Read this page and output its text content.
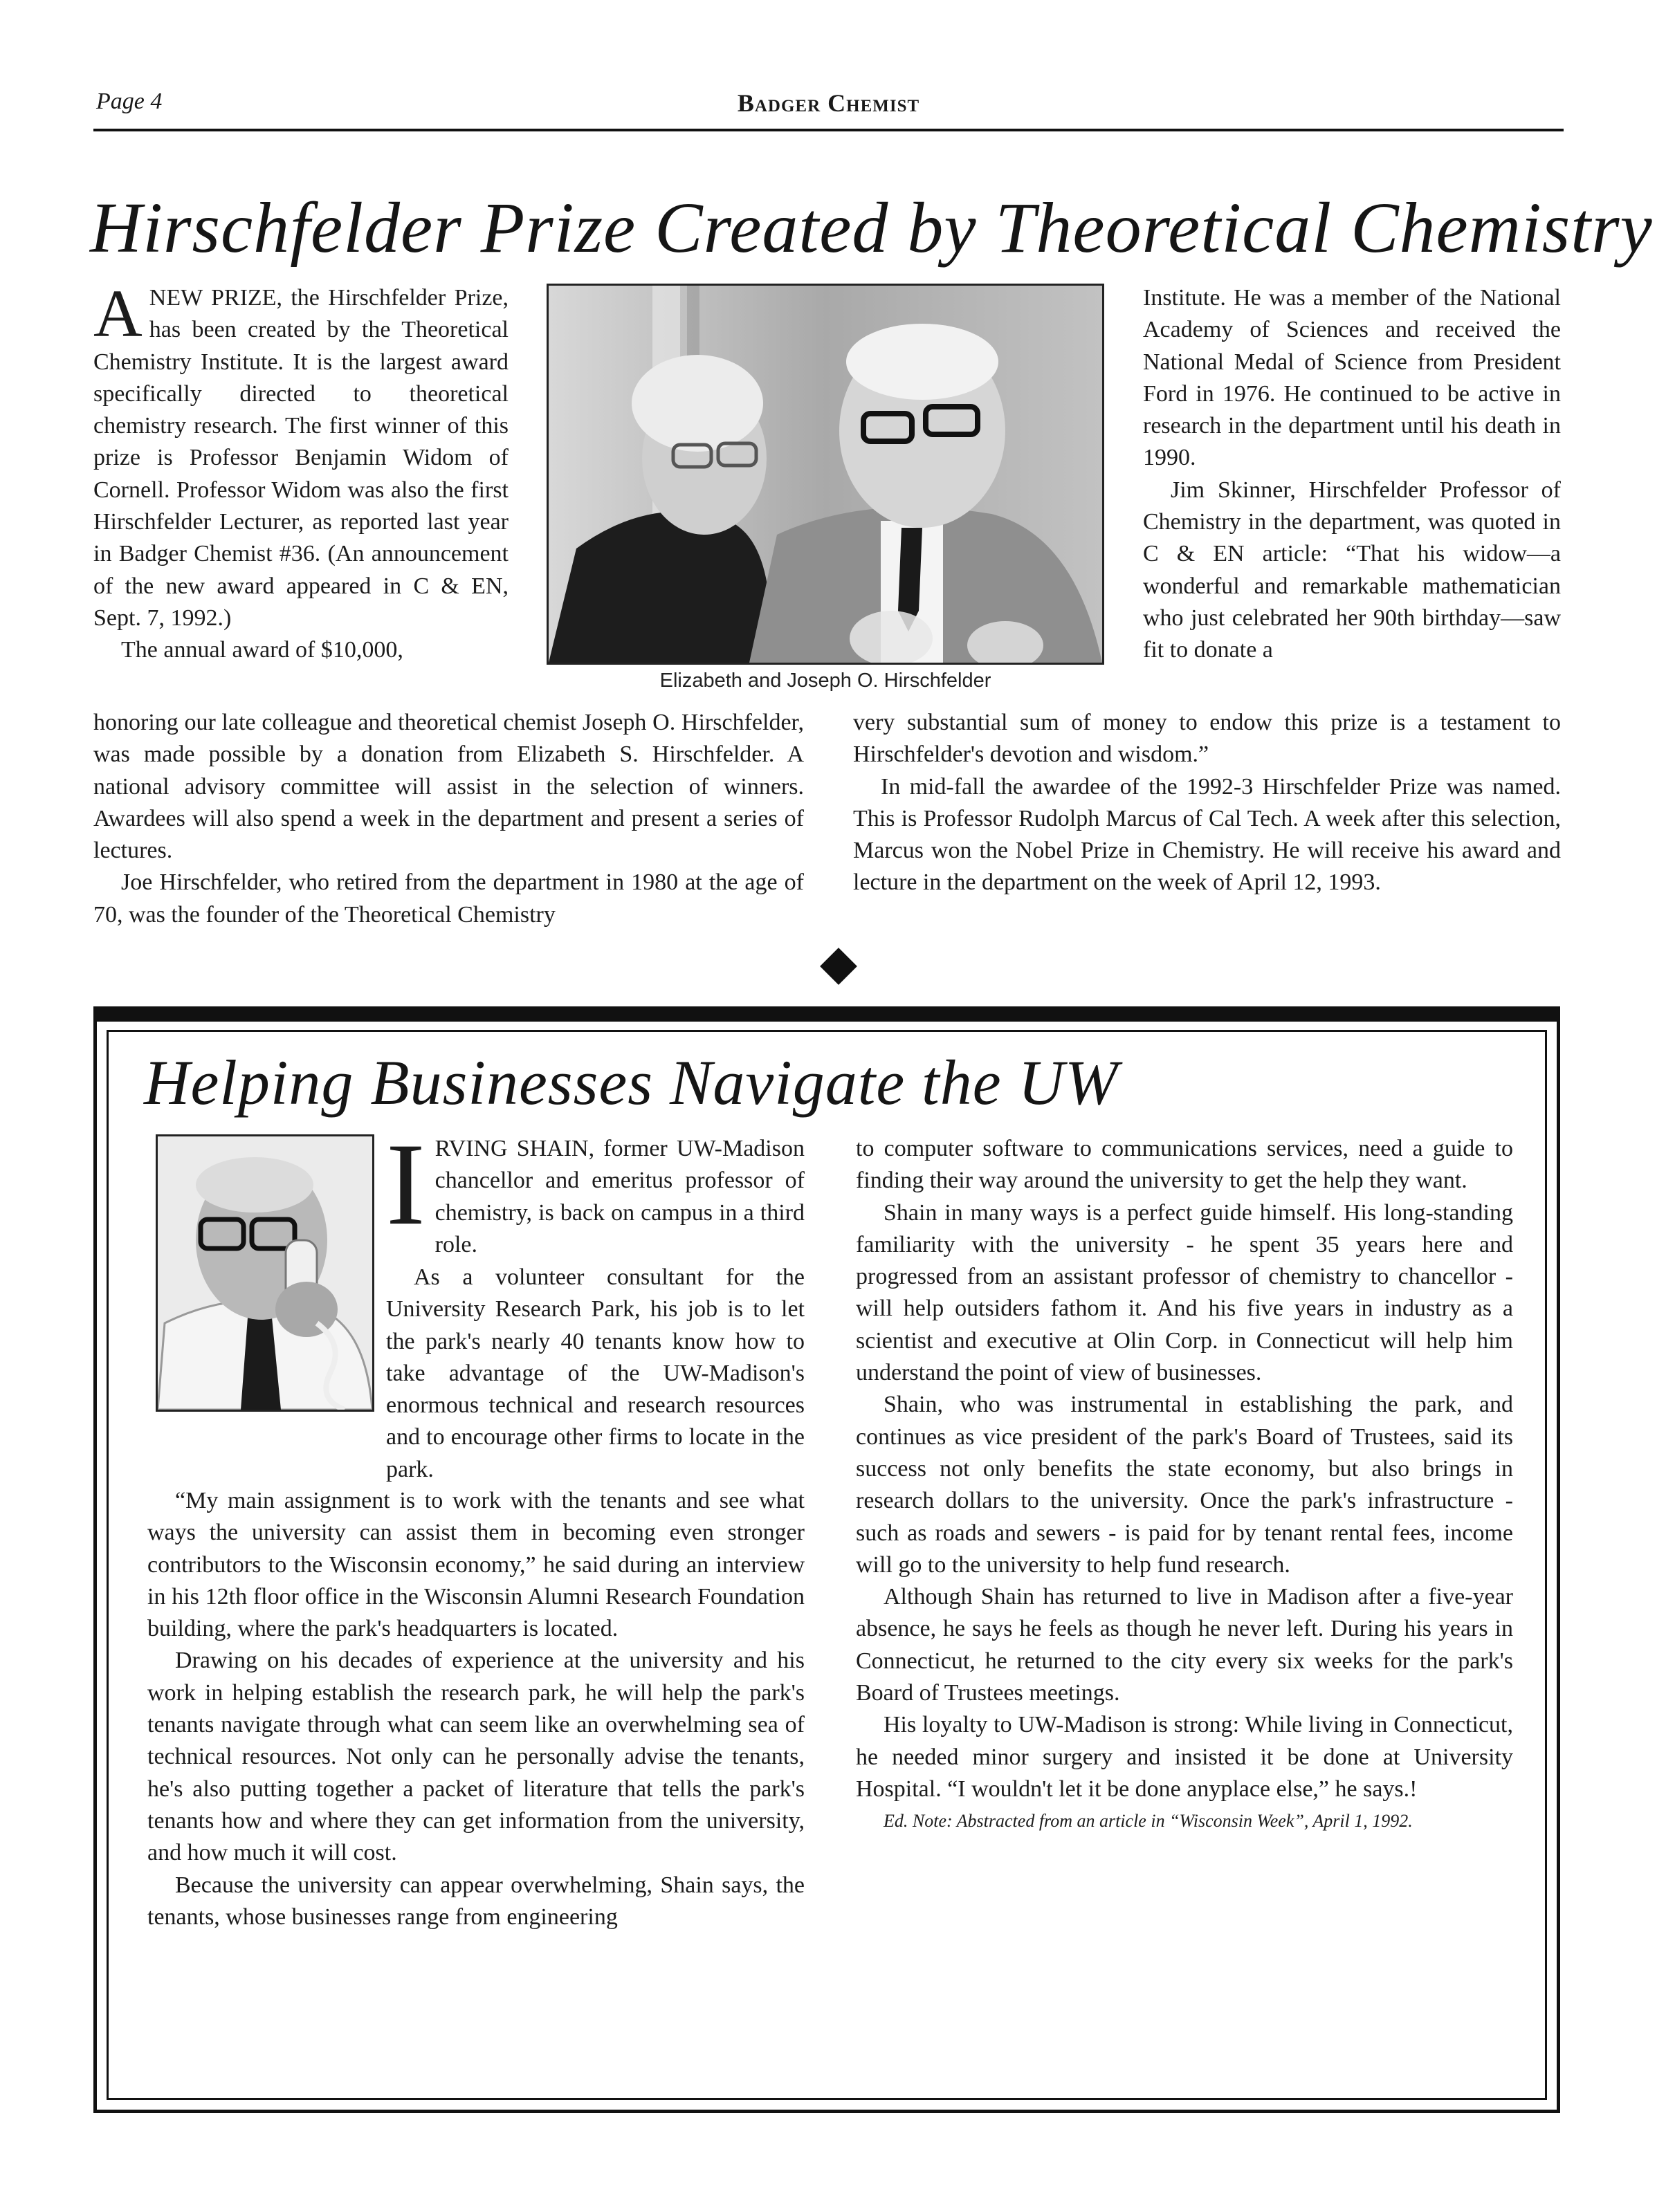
Page 4	Badger Chemist
Hirschfelder Prize Created by Theoretical Chemistry

A NEW PRIZE, the Hirschfelder Prize, has been created by the Theoretical Chemistry Institute. It is the largest award specifically directed to theoretical chemistry research. The first winner of this prize is Professor Benjamin Widom of Cornell. Professor Widom was also the first Hirschfelder Lecturer, as reported last year in Badger Chemist #36. (An announcement of the new award appeared in C & EN, Sept. 7, 1992.)

The annual award of $10,000,

honoring our late colleague and theoretical chemist Joseph O. Hirschfelder, was made possible by a donation from Elizabeth S. Hirschfelder. A national advisory committee will assist in the selection of winners. Awardees will also spend a week in the department and present a series of lectures.

Joe Hirschfelder, who retired from the department in 1980 at the age of 70, was the founder of the Theoretical Chemistry

Elizabeth and Joseph O. Hirschfelder

Institute. He was a member of the National Academy of Sciences and received the National Medal of Science from President Ford in 1976. He continued to be active in research in the department until his death in 1990.

Jim Skinner, Hirschfelder Professor of Chemistry in the department, was quoted in C & EN article: “That his widow—a wonderful and remarkable mathematician who just celebrated her 90th birthday—saw fit to donate a

very substantial sum of money to endow this prize is a testament to Hirschfelder's devotion and wisdom.”

In mid-fall the awardee of the 1992-3 Hirschfelder Prize was named. This is Professor Rudolph Marcus of Cal Tech. A week after this selection, Marcus won the Nobel Prize in Chemistry. He will receive his award and lecture in the department on the week of April 12, 1993.

Helping Businesses Navigate the UW

I RVING SHAIN, former UW-Madison chancellor and emeritus professor of chemistry, is back on campus in a third role.

As a volunteer consultant for the University Research Park, his job is to let the park's nearly 40 tenants know how to take advantage of the UW-Madison's enormous technical and research resources and to encourage other firms to locate in the park.

“My main assignment is to work with the tenants and see what ways the university can assist them in becoming even stronger contributors to the Wisconsin economy,” he said during an interview in his 12th floor office in the Wisconsin Alumni Research Foundation building, where the park's headquarters is located.

Drawing on his decades of experience at the university and his work in helping establish the research park, he will help the park's tenants navigate through what can seem like an overwhelming sea of technical resources. Not only can he personally advise the tenants, he's also putting together a packet of literature that tells the park's tenants how and where they can get information from the university, and how much it will cost.

Because the university can appear overwhelming, Shain says, the tenants, whose businesses range from engineering

to computer software to communications services, need a guide to finding their way around the university to get the help they want.

Shain in many ways is a perfect guide himself. His long-standing familiarity with the university - he spent 35 years here and progressed from an assistant professor of chemistry to chancellor - will help outsiders fathom it. And his five years in industry as a scientist and executive at Olin Corp. in Connecticut will help him understand the point of view of businesses.

Shain, who was instrumental in establishing the park, and continues as vice president of the park's Board of Trustees, said its success not only benefits the state economy, but also brings in research dollars to the university. Once the park's infrastructure - such as roads and sewers - is paid for by tenant rental fees, income will go to the university to help fund research.

Although Shain has returned to live in Madison after a five-year absence, he says he feels as though he never left. During his years in Connecticut, he returned to the city every six weeks for the park's Board of Trustees meetings.

His loyalty to UW-Madison is strong: While living in Connecticut, he needed minor surgery and insisted it be done at University Hospital. “I wouldn't let it be done anyplace else,” he says.!

Ed. Note: Abstracted from an article in “Wisconsin Week”, April 1, 1992.
